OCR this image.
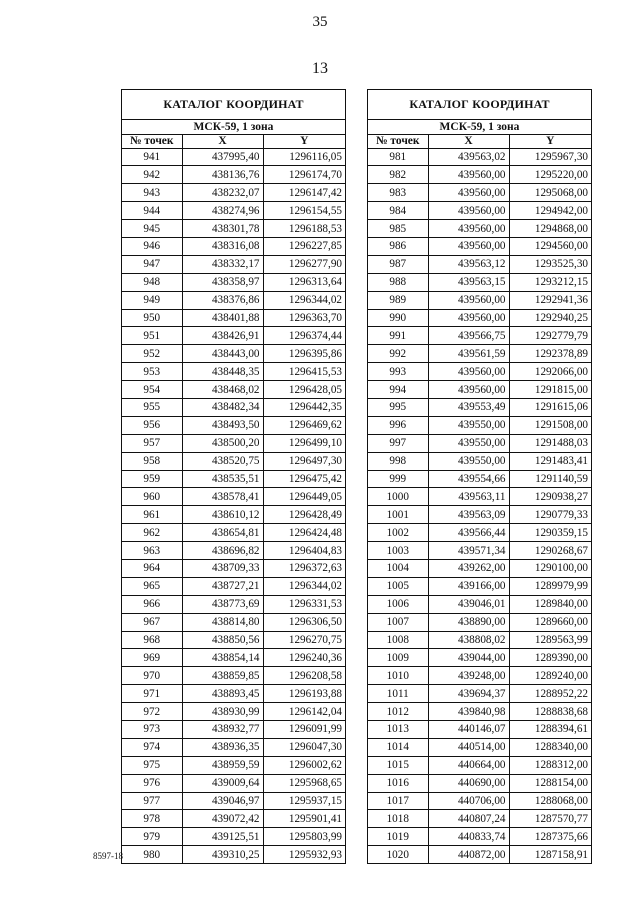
35
13
КАТАЛОГ КООРДИНАТ
МСК-59, 1 зона
№ точек	X	Y
941	437995,40	1296116,05
942	438136,76	1296174,70
943	438232,07	1296147,42
944	438274,96	1296154,55
945	438301,78	1296188,53
946	438316,08	1296227,85
947	438332,17	1296277,90
948	438358,97	1296313,64
949	438376,86	1296344,02
950	438401,88	1296363,70
951	438426,91	1296374,44
952	438443,00	1296395,86
953	438448,35	1296415,53
954	438468,02	1296428,05
955	438482,34	1296442,35
956	438493,50	1296469,62
957	438500,20	1296499,10
958	438520,75	1296497,30
959	438535,51	1296475,42
960	438578,41	1296449,05
961	438610,12	1296428,49
962	438654,81	1296424,48
963	438696,82	1296404,83
964	438709,33	1296372,63
965	438727,21	1296344,02
966	438773,69	1296331,53
967	438814,80	1296306,50
968	438850,56	1296270,75
969	438854,14	1296240,36
970	438859,85	1296208,58
971	438893,45	1296193,88
972	438930,99	1296142,04
973	438932,77	1296091,99
974	438936,35	1296047,30
975	438959,59	1296002,62
976	439009,64	1295968,65
977	439046,97	1295937,15
978	439072,42	1295901,41
979	439125,51	1295803,99
980	439310,25	1295932,93
КАТАЛОГ КООРДИНАТ
МСК-59, 1 зона
№ точек	X	Y
981	439563,02	1295967,30
982	439560,00	1295220,00
983	439560,00	1295068,00
984	439560,00	1294942,00
985	439560,00	1294868,00
986	439560,00	1294560,00
987	439563,12	1293525,30
988	439563,15	1293212,15
989	439560,00	1292941,36
990	439560,00	1292940,25
991	439566,75	1292779,79
992	439561,59	1292378,89
993	439560,00	1292066,00
994	439560,00	1291815,00
995	439553,49	1291615,06
996	439550,00	1291508,00
997	439550,00	1291488,03
998	439550,00	1291483,41
999	439554,66	1291140,59
1000	439563,11	1290938,27
1001	439563,09	1290779,33
1002	439566,44	1290359,15
1003	439571,34	1290268,67
1004	439262,00	1290100,00
1005	439166,00	1289979,99
1006	439046,01	1289840,00
1007	438890,00	1289660,00
1008	438808,02	1289563,99
1009	439044,00	1289390,00
1010	439248,00	1289240,00
1011	439694,37	1288952,22
1012	439840,98	1288838,68
1013	440146,07	1288394,61
1014	440514,00	1288340,00
1015	440664,00	1288312,00
1016	440690,00	1288154,00
1017	440706,00	1288068,00
1018	440807,24	1287570,77
1019	440833,74	1287375,66
1020	440872,00	1287158,91
8597-18
